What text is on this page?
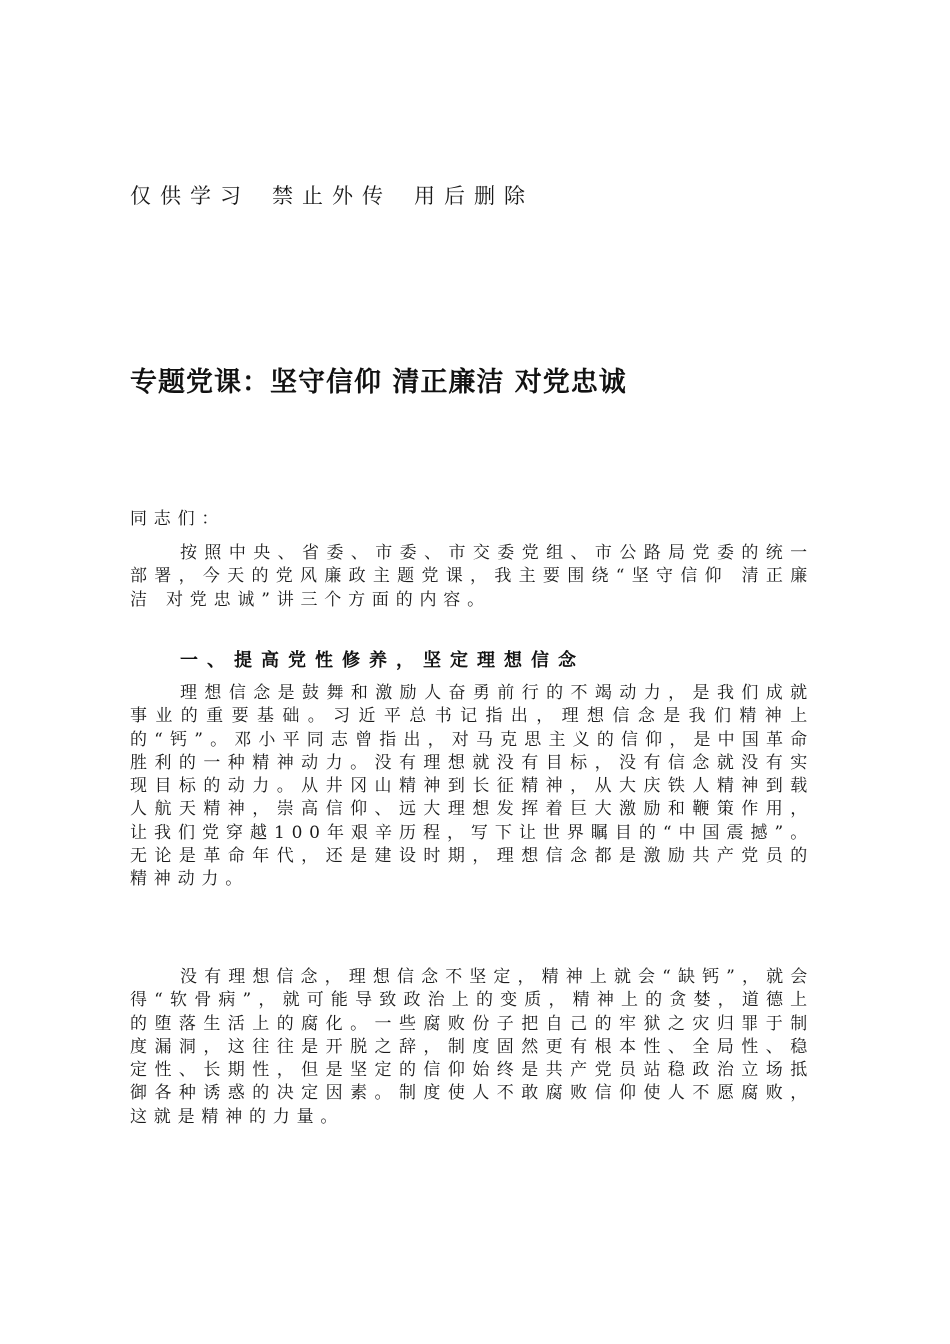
仅供学习 禁止外传 用后删除
专题党课：坚守信仰 清正廉洁 对党忠诚
同志们：
按照中央、省委、市委、市交委党组、市公路局党委的统一部署，今天的党风廉政主题党课，我主要围绕“坚守信仰 清正廉洁 对党忠诚”讲三个方面的内容。
一、提高党性修养，坚定理想信念
理想信念是鼓舞和激励人奋勇前行的不竭动力，是我们成就事业的重要基础。习近平总书记指出，理想信念是我们精神上的“钙”。邓小平同志曾指出，对马克思主义的信仰，是中国革命胜利的一种精神动力。没有理想就没有目标，没有信念就没有实现目标的动力。从井冈山精神到长征精神，从大庆铁人精神到载人航天精神，崇高信仰、远大理想发挥着巨大激励和鞭策作用，让我们党穿越100年艰辛历程，写下让世界瞩目的“中国震撼”。无论是革命年代，还是建设时期，理想信念都是激励共产党员的精神动力。
没有理想信念，理想信念不坚定，精神上就会“缺钙”，就会得“软骨病”，就可能导致政治上的变质，精神上的贪婪，道德上的堕落生活上的腐化。一些腐败份子把自己的牢狱之灾归罪于制度漏洞，这往往是开脱之辞，制度固然更有根本性、全局性、稳定性、长期性，但是坚定的信仰始终是共产党员站稳政治立场抵御各种诱惑的决定因素。制度使人不敢腐败信仰使人不愿腐败，这就是精神的力量。
